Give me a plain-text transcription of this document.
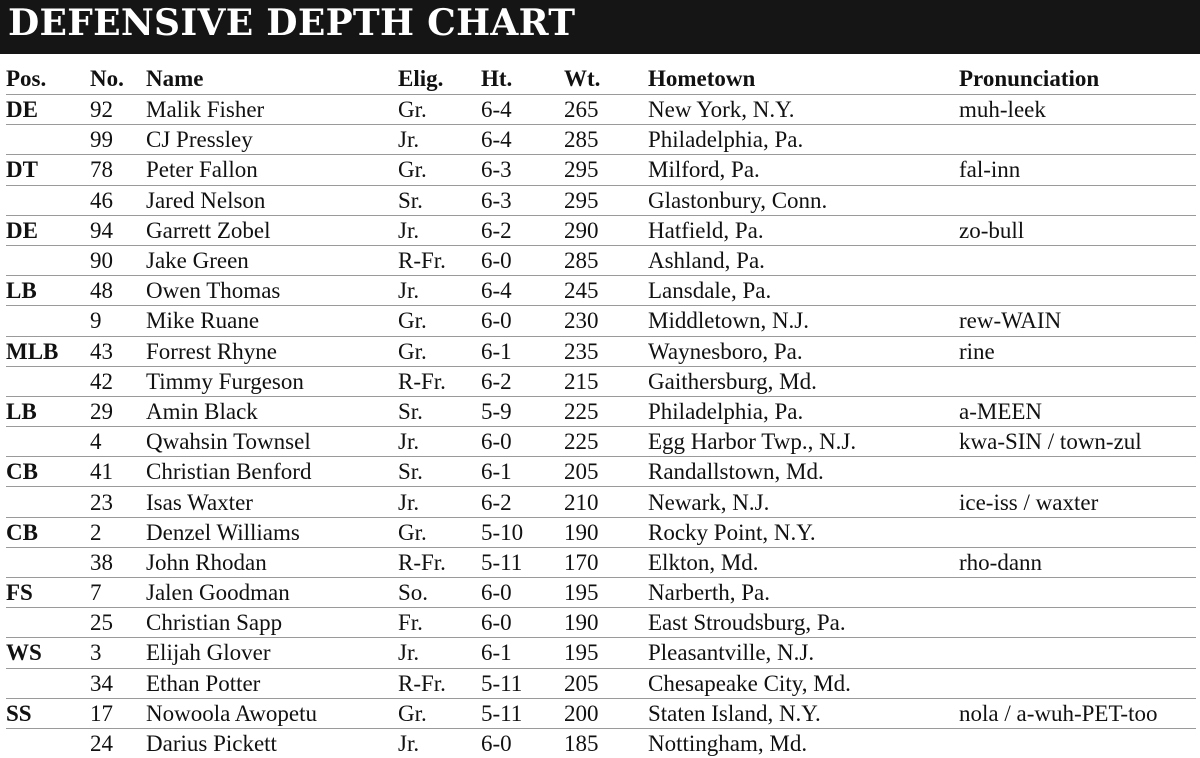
DEFENSIVE DEPTH CHART
Pos.	No.	Name	Elig.	Ht.	Wt.	Hometown	Pronunciation
DE	92	Malik Fisher	Gr.	6-4	265	New York, N.Y.	muh-leek
	99	CJ Pressley	Jr.	6-4	285	Philadelphia, Pa.	
DT	78	Peter Fallon	Gr.	6-3	295	Milford, Pa.	fal-inn
	46	Jared Nelson	Sr.	6-3	295	Glastonbury, Conn.	
DE	94	Garrett Zobel	Jr.	6-2	290	Hatfield, Pa.	zo-bull
	90	Jake Green	R-Fr.	6-0	285	Ashland, Pa.	
LB	48	Owen Thomas	Jr.	6-4	245	Lansdale, Pa.	
	9	Mike Ruane	Gr.	6-0	230	Middletown, N.J.	rew-WAIN
MLB	43	Forrest Rhyne	Gr.	6-1	235	Waynesboro, Pa.	rine
	42	Timmy Furgeson	R-Fr.	6-2	215	Gaithersburg, Md.	
LB	29	Amin Black	Sr.	5-9	225	Philadelphia, Pa.	a-MEEN
	4	Qwahsin Townsel	Jr.	6-0	225	Egg Harbor Twp., N.J.	kwa-SIN / town-zul
CB	41	Christian Benford	Sr.	6-1	205	Randallstown, Md.	
	23	Isas Waxter	Jr.	6-2	210	Newark, N.J.	ice-iss / waxter
CB	2	Denzel Williams	Gr.	5-10	190	Rocky Point, N.Y.	
	38	John Rhodan	R-Fr.	5-11	170	Elkton, Md.	rho-dann
FS	7	Jalen Goodman	So.	6-0	195	Narberth, Pa.	
	25	Christian Sapp	Fr.	6-0	190	East Stroudsburg, Pa.	
WS	3	Elijah Glover	Jr.	6-1	195	Pleasantville, N.J.	
	34	Ethan Potter	R-Fr.	5-11	205	Chesapeake City, Md.	
SS	17	Nowoola Awopetu	Gr.	5-11	200	Staten Island, N.Y.	nola / a-wuh-PET-too
	24	Darius Pickett	Jr.	6-0	185	Nottingham, Md.	
